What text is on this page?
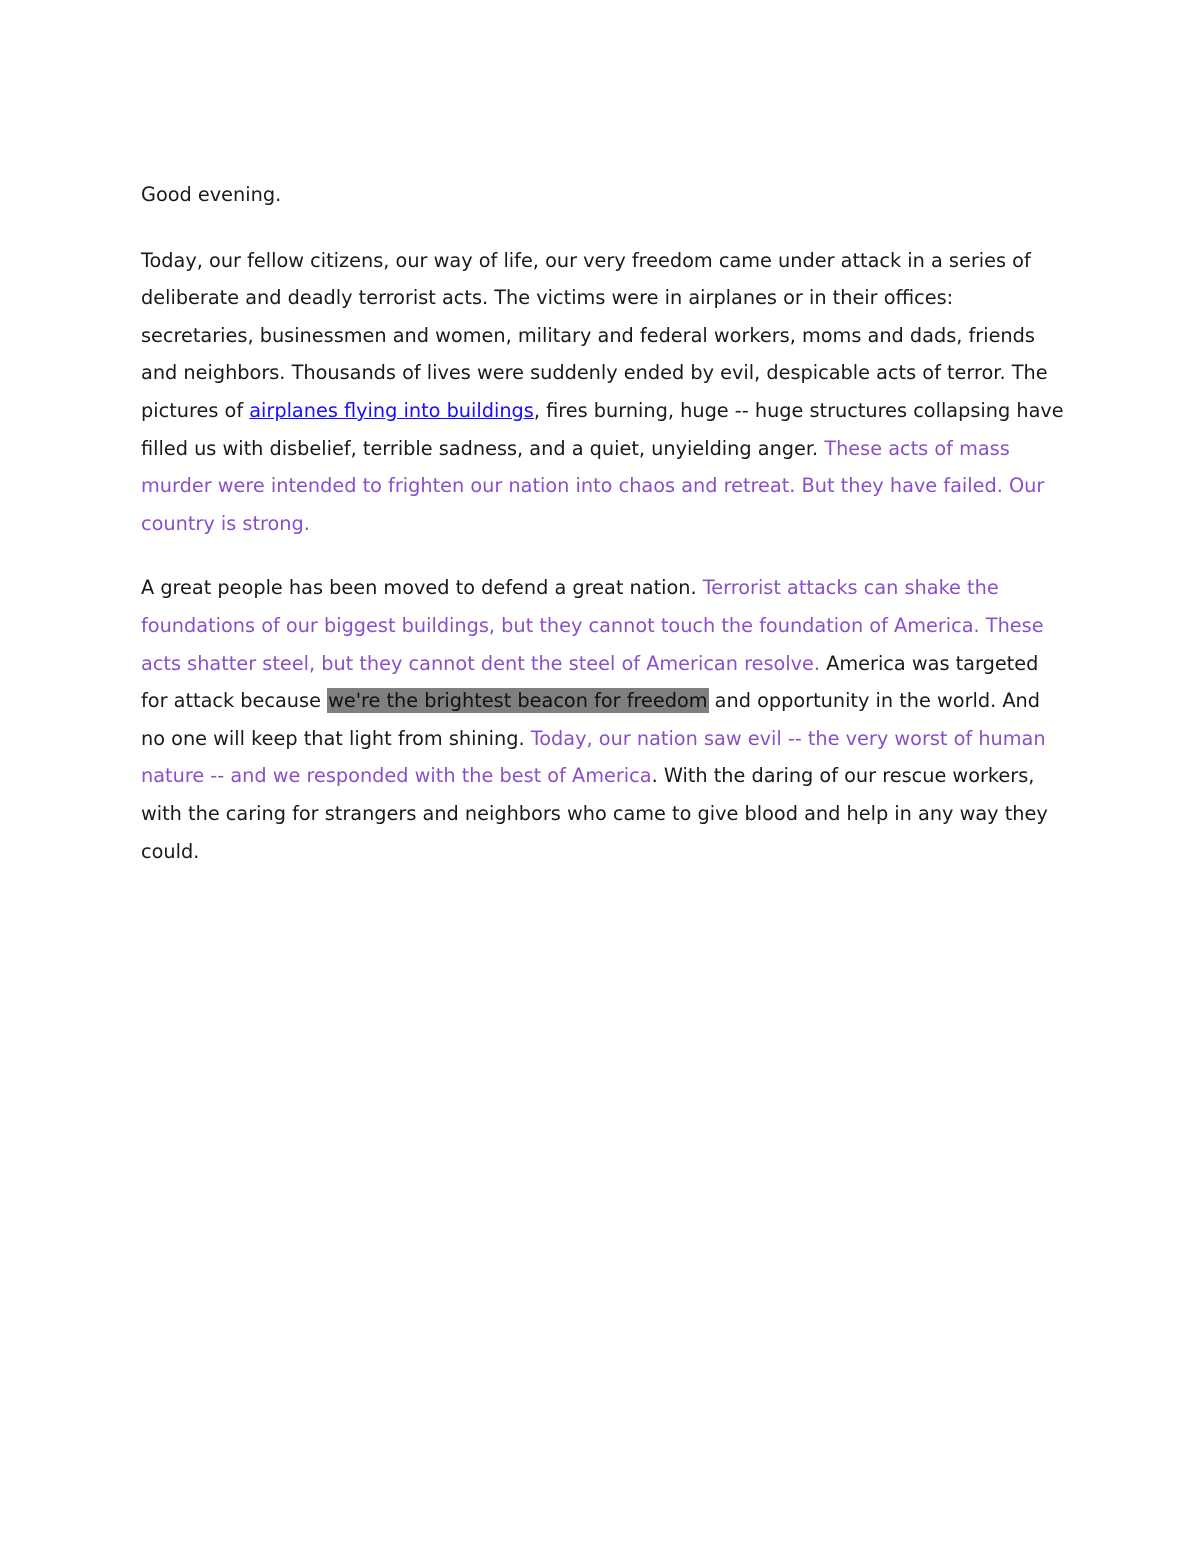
Good evening.

Today, our fellow citizens, our way of life, our very freedom came under attack in a series of deliberate and deadly terrorist acts. The victims were in airplanes or in their offices: secretaries, businessmen and women, military and federal workers, moms and dads, friends and neighbors. Thousands of lives were suddenly ended by evil, despicable acts of terror. The pictures of airplanes flying into buildings, fires burning, huge -- huge structures collapsing have filled us with disbelief, terrible sadness, and a quiet, unyielding anger. These acts of mass murder were intended to frighten our nation into chaos and retreat. But they have failed. Our country is strong.

A great people has been moved to defend a great nation. Terrorist attacks can shake the foundations of our biggest buildings, but they cannot touch the foundation of America. These acts shatter steel, but they cannot dent the steel of American resolve. America was targeted for attack because we're the brightest beacon for freedom and opportunity in the world. And no one will keep that light from shining. Today, our nation saw evil -- the very worst of human nature -- and we responded with the best of America. With the daring of our rescue workers, with the caring for strangers and neighbors who came to give blood and help in any way they could.
